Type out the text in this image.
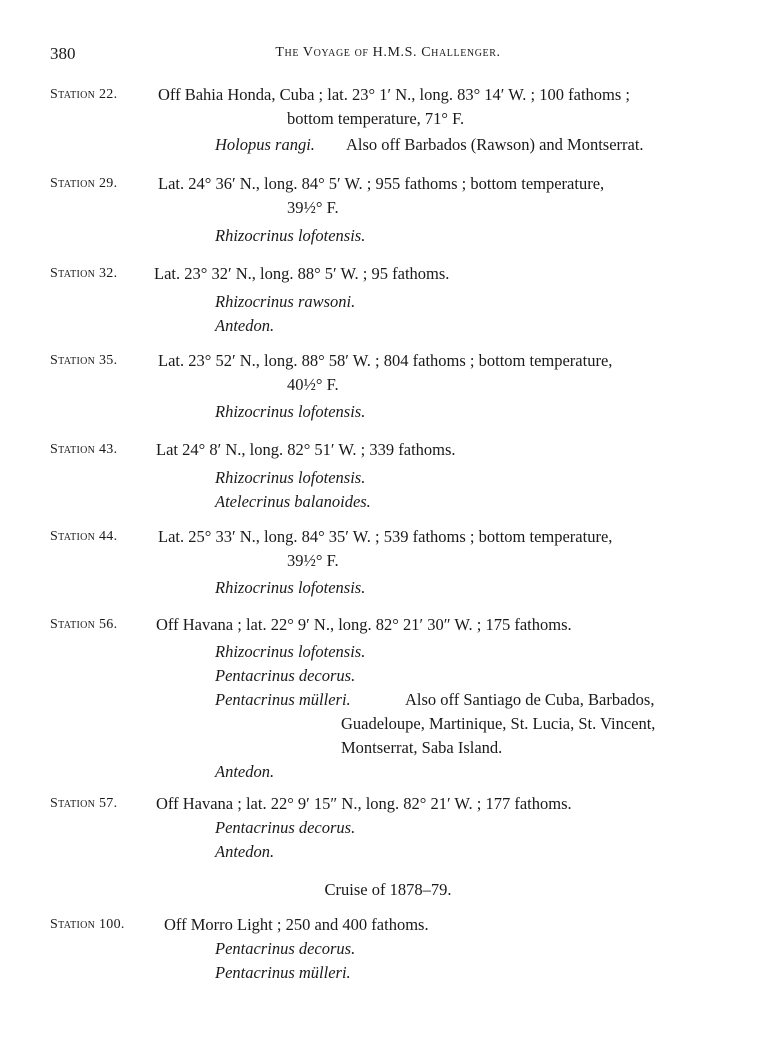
380	The Voyage of H.M.S. Challenger.
Station 22. Off Bahia Honda, Cuba ; lat. 23° 1′ N., long. 83° 14′ W. ; 100 fathoms ;
bottom temperature, 71° F.
Holopus rangi. Also off Barbados (Rawson) and Montserrat.
Station 29. Lat. 24° 36′ N., long. 84° 5′ W. ; 955 fathoms ; bottom temperature,
39½° F.
Rhizocrinus lofotensis.
Station 32. Lat. 23° 32′ N., long. 88° 5′ W. ; 95 fathoms.
Rhizocrinus rawsoni.
Antedon.
Station 35. Lat. 23° 52′ N., long. 88° 58′ W. ; 804 fathoms ; bottom temperature,
40½° F.
Rhizocrinus lofotensis.
Station 43. Lat 24° 8′ N., long. 82° 51′ W. ; 339 fathoms.
Rhizocrinus lofotensis.
Atelecrinus balanoides.
Station 44. Lat. 25° 33′ N., long. 84° 35′ W. ; 539 fathoms ; bottom temperature,
39½° F.
Rhizocrinus lofotensis.
Station 56. Off Havana ; lat. 22° 9′ N., long. 82° 21′ 30″ W. ; 175 fathoms.
Rhizocrinus lofotensis.
Pentacrinus decorus.
Pentacrinus mülleri.	Also off Santiago de Cuba, Barbados,
Guadeloupe, Martinique, St. Lucia, St. Vincent,
Montserrat, Saba Island.
Antedon.
Station 57. Off Havana ; lat. 22° 9′ 15″ N., long. 82° 21′ W. ; 177 fathoms.
Pentacrinus decorus.
Antedon.
Cruise of 1878–79.
Station 100. Off Morro Light ; 250 and 400 fathoms.
Pentacrinus decorus.
Pentacrinus mülleri.
